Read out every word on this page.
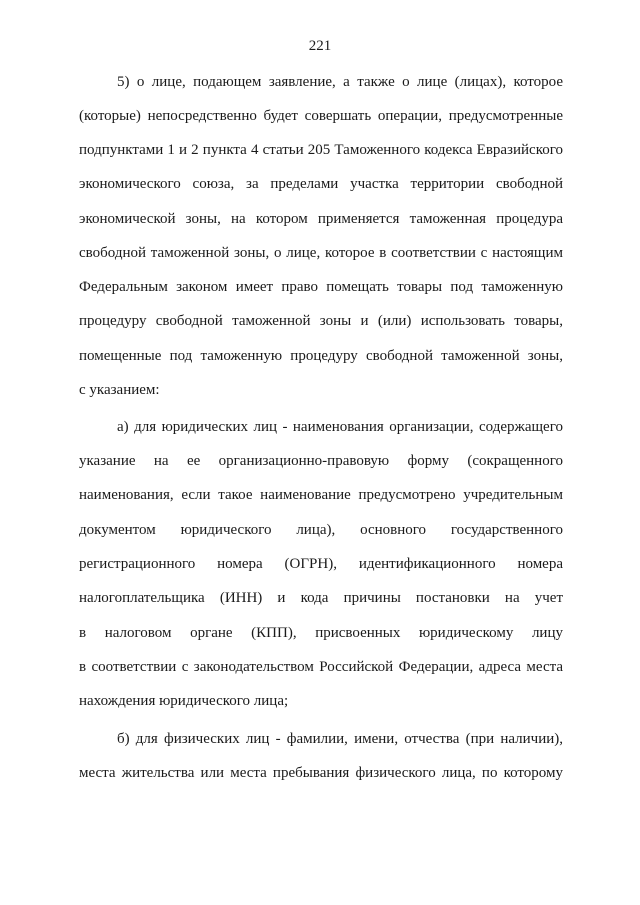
221
5) о лице, подающем заявление, а также о лице (лицах), которое
(которые) непосредственно будет совершать операции, предусмотренные
подпунктами 1 и 2 пункта 4 статьи 205 Таможенного кодекса Евразийского
экономического союза, за пределами участка территории свободной
экономической зоны, на котором применяется таможенная процедура
свободной таможенной зоны, о лице, которое в соответствии с настоящим
Федеральным законом имеет право помещать товары под таможенную
процедуру свободной таможенной зоны и (или) использовать товары,
помещенные под таможенную процедуру свободной таможенной зоны,
с указанием:
а) для юридических лиц - наименования организации, содержащего
указание на ее организационно-правовую форму (сокращенного
наименования, если такое наименование предусмотрено учредительным
документом юридического лица), основного государственного
регистрационного номера (ОГРН), идентификационного номера
налогоплательщика (ИНН) и кода причины постановки на учет
в налоговом органе (КПП), присвоенных юридическому лицу
в соответствии с законодательством Российской Федерации, адреса места
нахождения юридического лица;
б) для физических лиц - фамилии, имени, отчества (при наличии),
места жительства или места пребывания физического лица, по которому
